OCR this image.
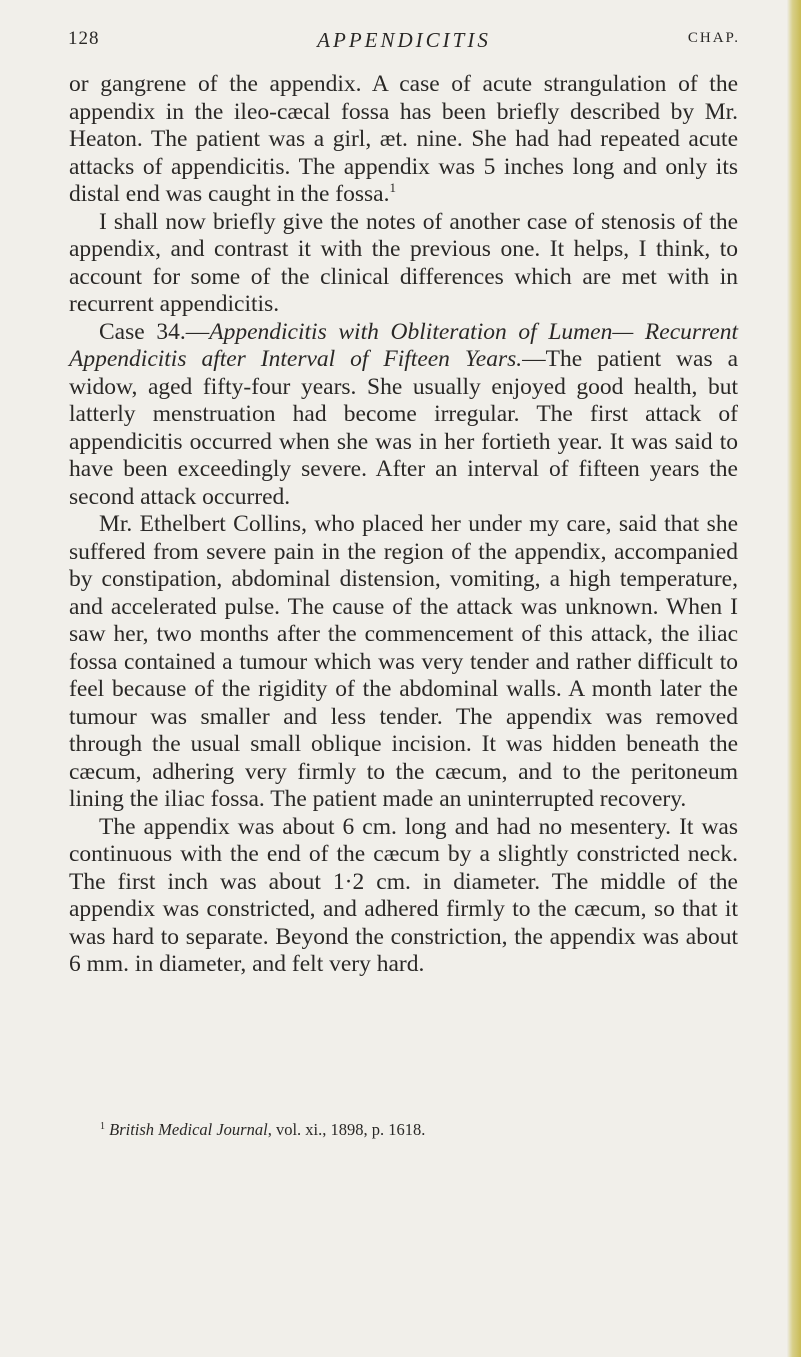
128	APPENDICITIS	CHAP.

or gangrene of the appendix. A case of acute strangulation of the appendix in the ileo-cæcal fossa has been briefly described by Mr. Heaton. The patient was a girl, æt. nine. She had had repeated acute attacks of appendicitis. The appendix was 5 inches long and only its distal end was caught in the fossa.$^1$

I shall now briefly give the notes of another case of stenosis of the appendix, and contrast it with the previous one. It helps, I think, to account for some of the clinical differences which are met with in recurrent appendicitis.

Case 34.—Appendicitis with Obliteration of Lumen— Recurrent Appendicitis after Interval of Fifteen Years.—The patient was a widow, aged fifty-four years. She usually enjoyed good health, but latterly menstruation had become irregular. The first attack of appendicitis occurred when she was in her fortieth year. It was said to have been exceedingly severe. After an interval of fifteen years the second attack occurred.

Mr. Ethelbert Collins, who placed her under my care, said that she suffered from severe pain in the region of the appendix, accompanied by constipation, abdominal distension, vomiting, a high temperature, and accelerated pulse. The cause of the attack was unknown. When I saw her, two months after the commencement of this attack, the iliac fossa contained a tumour which was very tender and rather difficult to feel because of the rigidity of the abdominal walls. A month later the tumour was smaller and less tender. The appendix was removed through the usual small oblique incision. It was hidden beneath the cæcum, adhering very firmly to the cæcum, and to the peritoneum lining the iliac fossa. The patient made an uninterrupted recovery.

The appendix was about 6 cm. long and had no mesentery. It was continuous with the end of the cæcum by a slightly constricted neck. The first inch was about 1·2 cm. in diameter. The middle of the appendix was constricted, and adhered firmly to the cæcum, so that it was hard to separate. Beyond the constriction, the appendix was about 6 mm. in diameter, and felt very hard.

$^1$ British Medical Journal, vol. xi., 1898, p. 1618.
